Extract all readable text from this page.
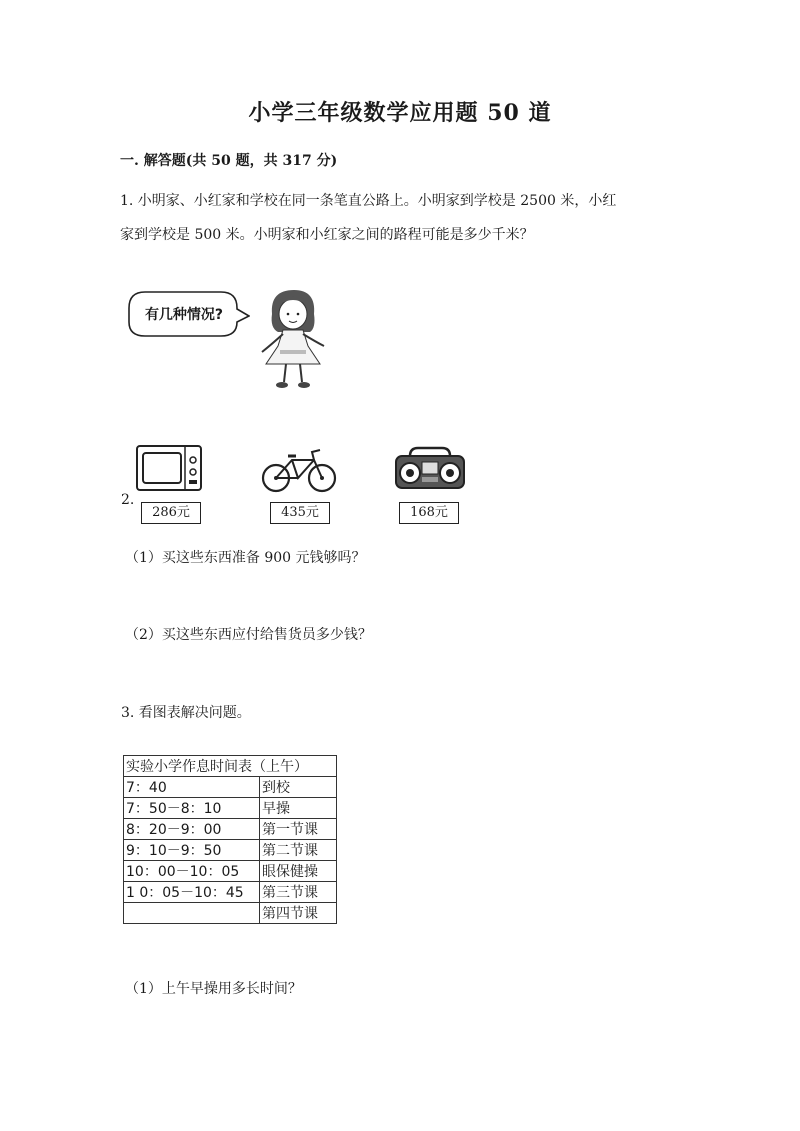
小学三年级数学应用题 50 道
一. 解答题(共 50 题，共 317 分)
1. 小明家、小红家和学校在同一条笔直公路上。小明家到学校是 2500 米，小红
家到学校是 500 米。小明家和小红家之间的路程可能是多少千米？
有几种情况?
2.
286元	435元	168元
（1）买这些东西准备 900 元钱够吗？
（2）买这些东西应付给售货员多少钱？
3. 看图表解决问题。
实验小学作息时间表（上午）	
7：40	到校
7：50－8：10	早操
8：20－9：00	第一节课
9：10－9：50	第二节课
10：00－10：05	眼保健操
1 0：05－10：45	第三节课
	第四节课
（1）上午早操用多长时间？
